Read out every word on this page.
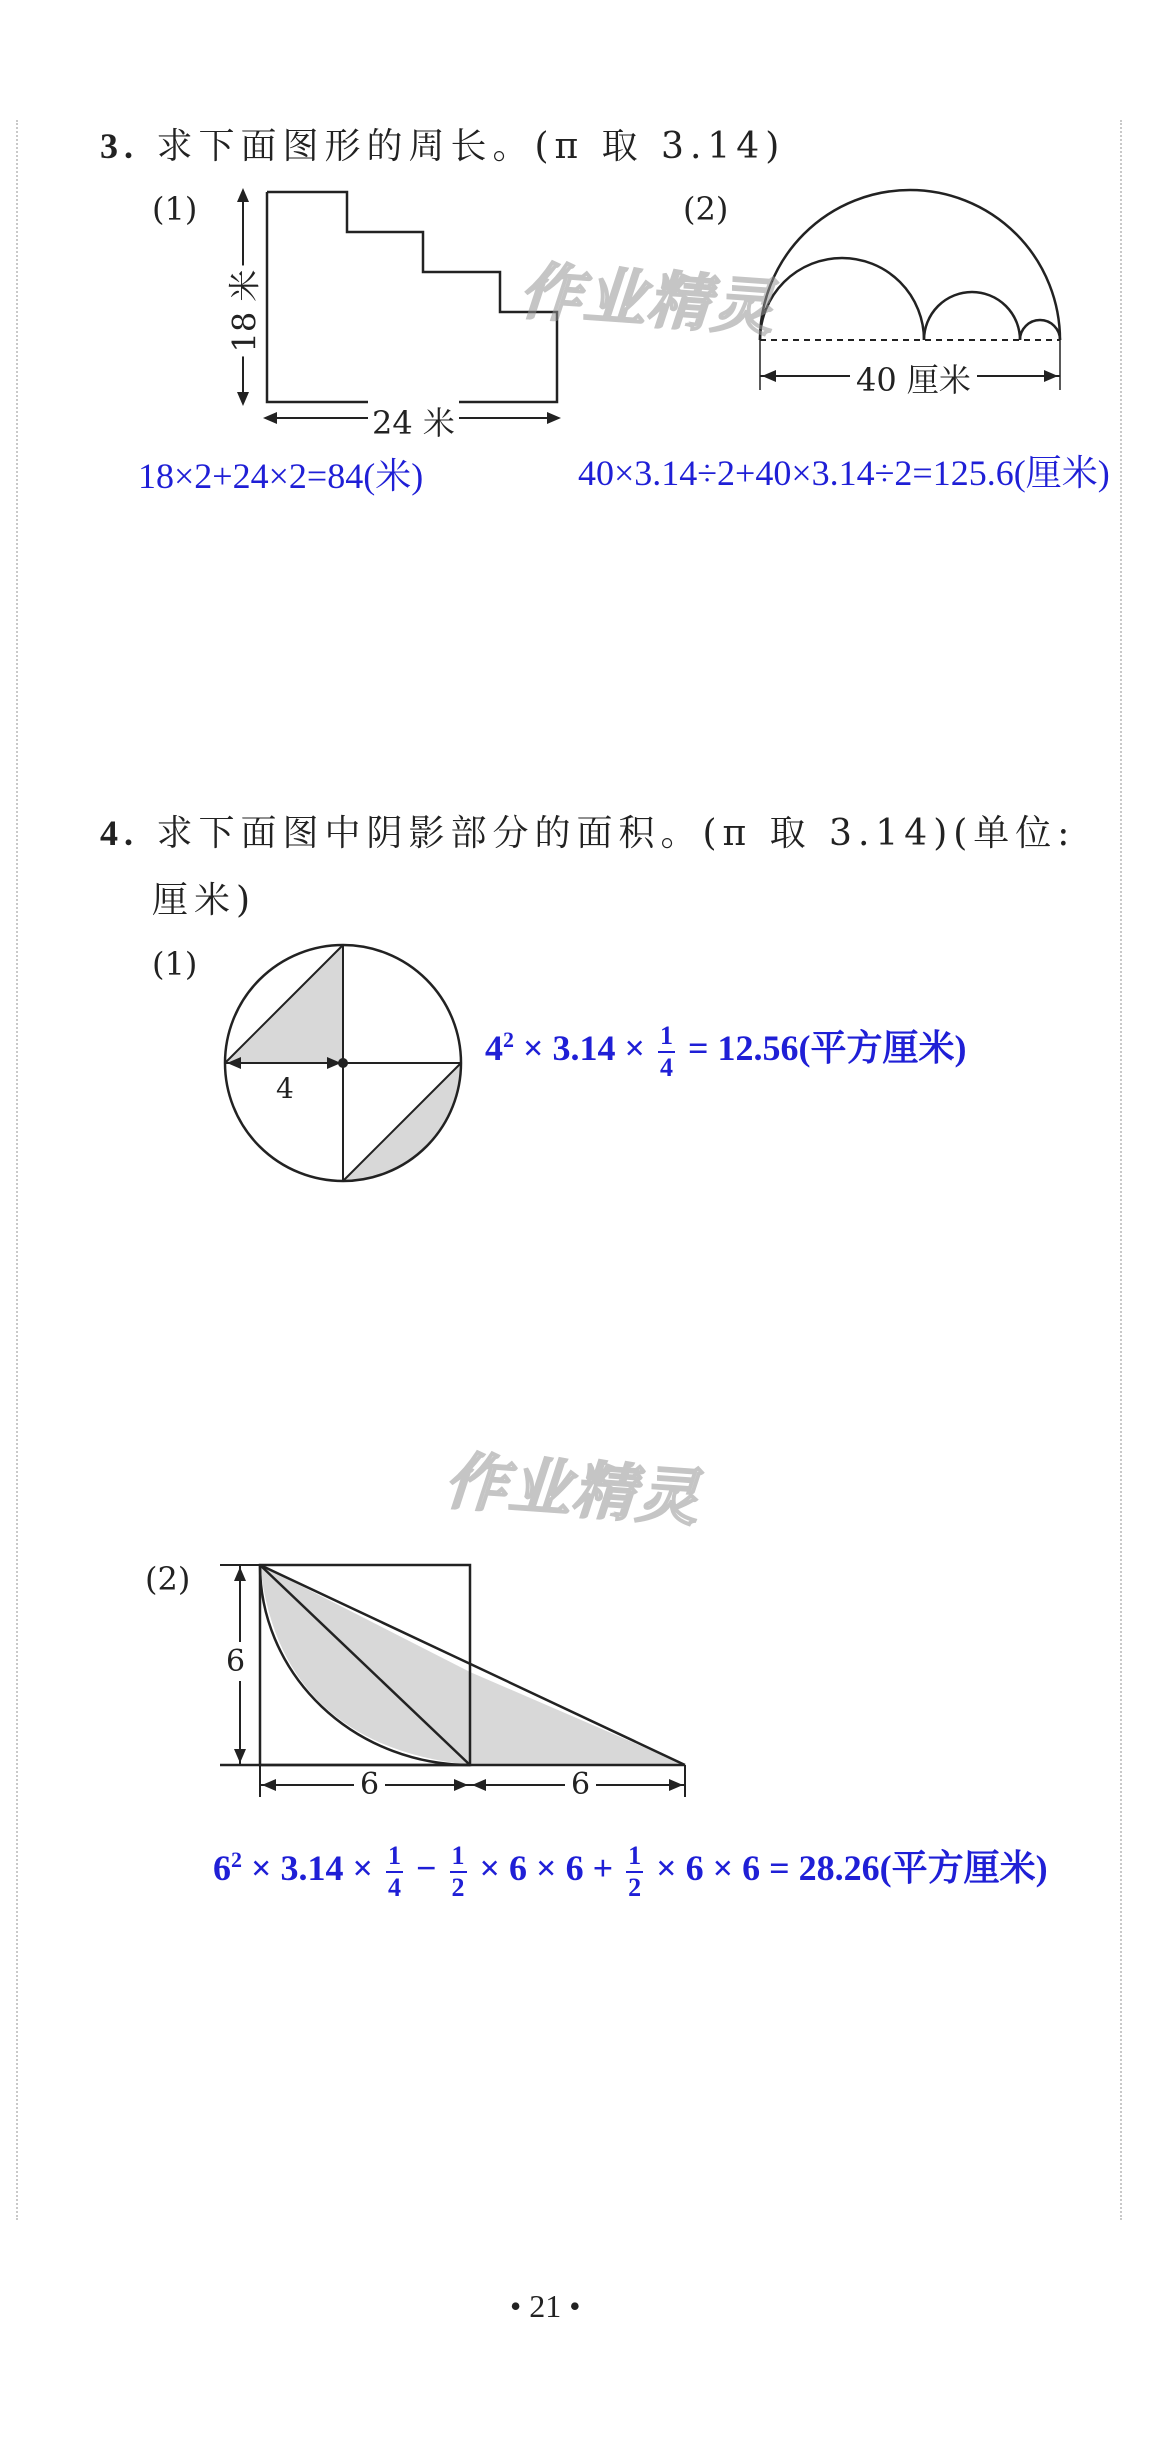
3. 求下面图形的周长。(π 取 3.14)
(1)	(2)
18 米
24 米
40 厘米
18×2+24×2=84(米)	40×3.14÷2+40×3.14÷2=125.6(厘米)
作业精灵
4. 求下面图中阴影部分的面积。(π 取 3.14)(单位:
厘米)
(1)
4
$4^2 \times 3.14 \times \frac{1}{4} = 12.56$(平方厘米)
作业精灵
(2)
6
6	6
$6^2 \times 3.14 \times \frac{1}{4} - \frac{1}{2} \times 6 \times 6 + \frac{1}{2} \times 6 \times 6 = 28.26$(平方厘米)
• 21 •
